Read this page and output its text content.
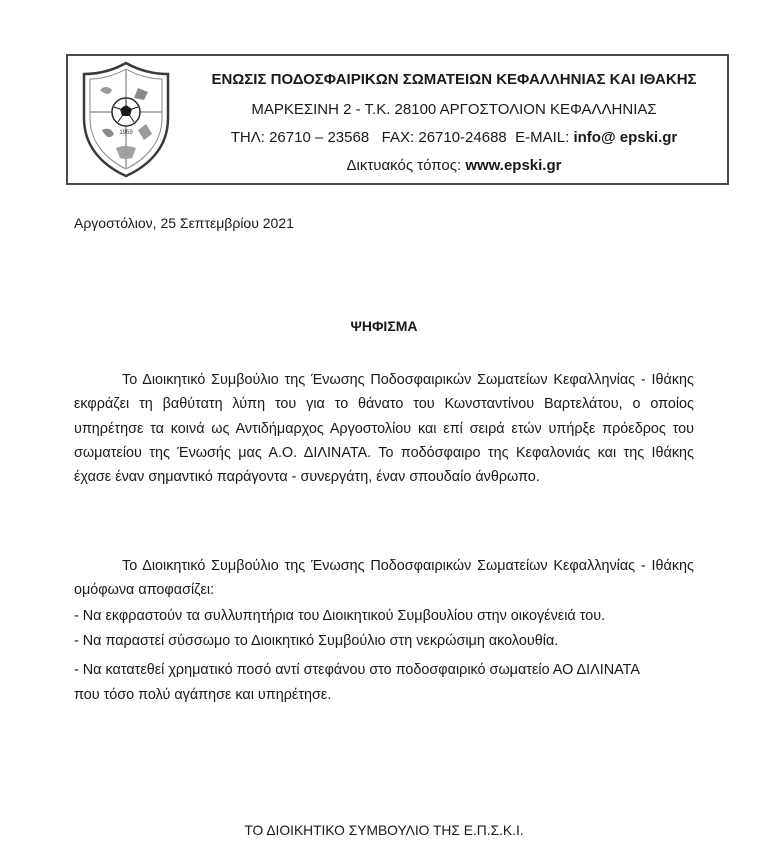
1959
ΕΝΩΣΙΣ ΠΟΔΟΣΦΑΙΡΙΚΩΝ ΣΩΜΑΤΕΙΩΝ ΚΕΦΑΛΛΗΝΙΑΣ ΚΑΙ ΙΘΑΚΗΣ
ΜΑΡΚΕΣΙΝΗ 2 - Τ.Κ. 28100 ΑΡΓΟΣΤΟΛΙΟΝ ΚΕΦΑΛΛΗΝΙΑΣ
ΤΗΛ: 26710 – 23568   FAX: 26710-24688  E-MAIL: info@ epski.gr
Δικτυακός τόπος: www.epski.gr
Αργοστόλιον, 25 Σεπτεμβρίου 2021
ΨΗΦΙΣΜΑ

Το Διοικητικό Συμβούλιο της Ένωσης Ποδοσφαιρικών Σωματείων Κεφαλληνίας - Ιθάκης εκφράζει τη βαθύτατη λύπη του για το θάνατο του Κωνσταντίνου Βαρτελάτου, ο οποίος υπηρέτησε τα κοινά ως Αντιδήμαρχος Αργοστολίου και επί σειρά ετών υπήρξε πρόεδρος του σωματείου της Ένωσής μας Α.Ο. ΔΙΛΙΝΑΤΑ. Το ποδόσφαιρο της Κεφαλονιάς και της Ιθάκης έχασε έναν σημαντικό παράγοντα - συνεργάτη, έναν σπουδαίο άνθρωπο.

Το Διοικητικό Συμβούλιο της Ένωσης Ποδοσφαιρικών Σωματείων Κεφαλληνίας - Ιθάκης ομόφωνα αποφασίζει:

- Να εκφραστούν τα συλλυπητήρια του Διοικητικού Συμβουλίου στην οικογένειά του.
- Να παραστεί σύσσωμο το Διοικητικό Συμβούλιο στη νεκρώσιμη ακολουθία.
- Να κατατεθεί χρηματικό ποσό αντί στεφάνου στο ποδοσφαιρικό σωματείο ΑΟ ΔΙΛΙΝΑΤΑ
που τόσο πολύ αγάπησε και υπηρέτησε.
ΤΟ ΔΙΟΙΚΗΤΙΚΟ ΣΥΜΒΟΥΛΙΟ ΤΗΣ Ε.Π.Σ.Κ.Ι.
